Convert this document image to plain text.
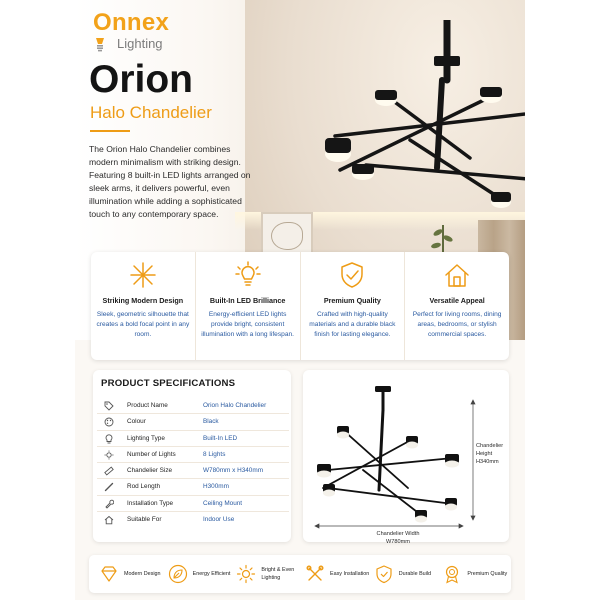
Onnex
Lighting
Orion
Halo Chandelier
The Orion Halo Chandelier combines modern minimalism with striking design. Featuring 8 built-in LED lights arranged on sleek arms, it delivers powerful, even illumination while adding a sophisticated touch to any contemporary space.
Striking Modern Design
Sleek, geometric silhouette that creates a bold focal point in any room.
Built-In LED Brilliance
Energy-efficient LED lights provide bright, consistent illumination with a long lifespan.
Premium Quality
Crafted with high-quality materials and a durable black finish for lasting elegance.
Versatile Appeal
Perfect for living rooms, dining areas, bedrooms, or stylish commercial spaces.
PRODUCT SPECIFICATIONS
Product Name	Orion Halo Chandelier
Colour	Black
Lighting Type	Built-In LED
Number of Lights	8 Lights
Chandelier Size	W780mm x H340mm
Rod Length	H300mm
Installation Type	Ceiling Mount
Suitable For	Indoor Use
Chandelier Height
H340mm
Chandelier Width
W780mm
Modern Design	Energy Efficient
Bright & Even Lighting
Easy Installation	Durable Build	Premium Quality
